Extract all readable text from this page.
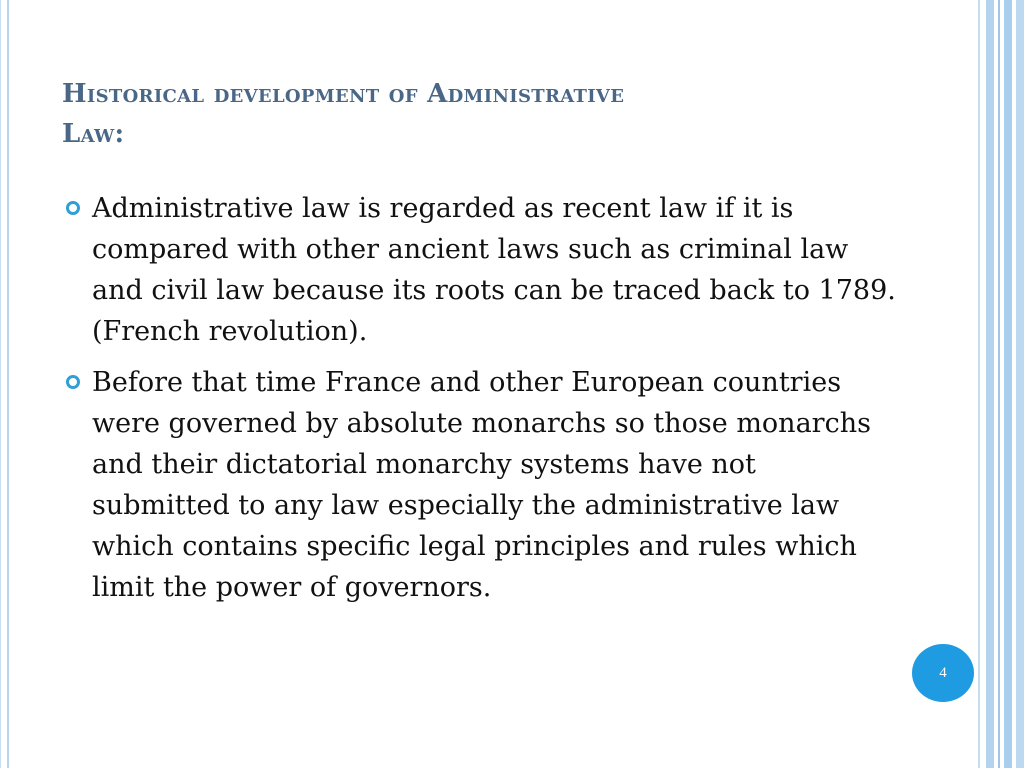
Historical development of Administrative
Law:
Administrative law is regarded as recent law if it is compared with other ancient laws such as criminal law and civil law because its roots can be traced back to 1789. (French revolution).
Before that time France and other European countries were governed by absolute monarchs so those monarchs and their dictatorial monarchy systems have not submitted to any law especially the administrative law which contains specific legal principles and rules which limit the power of governors.
4
